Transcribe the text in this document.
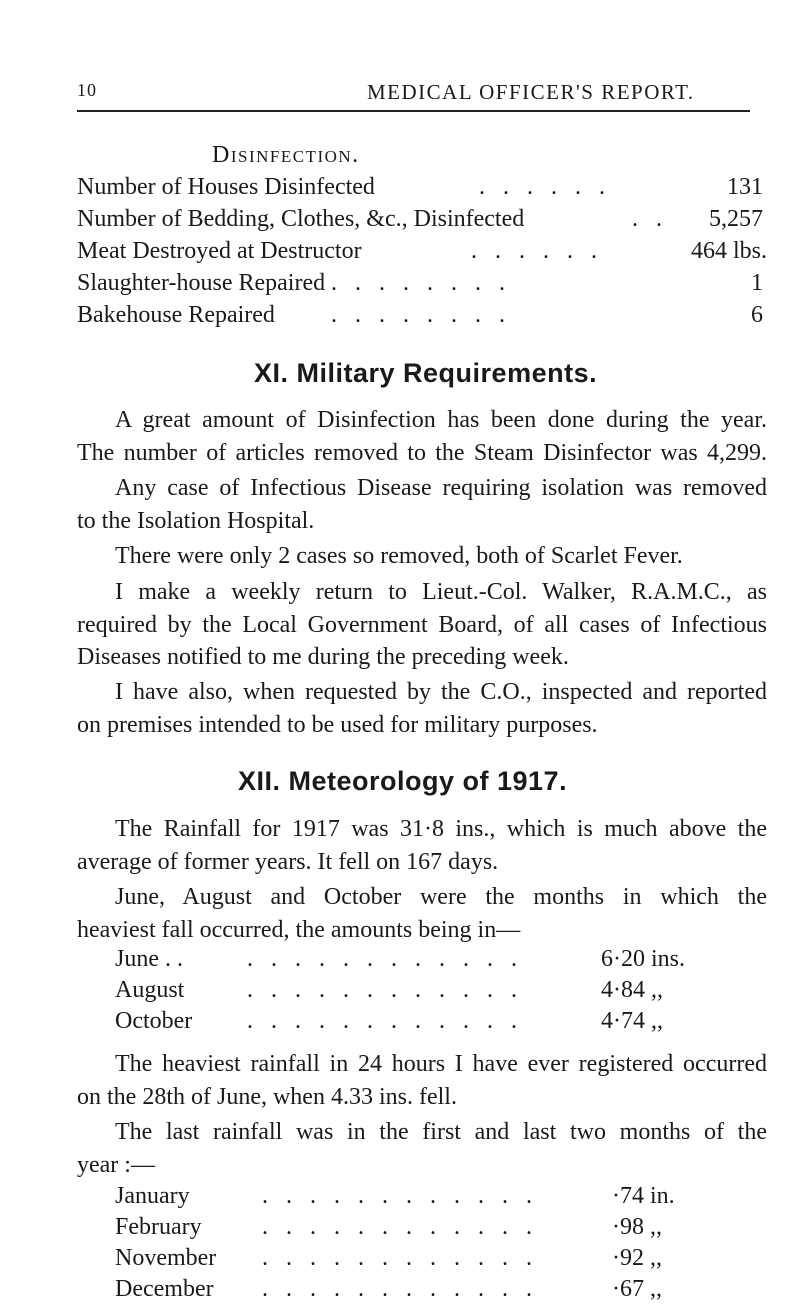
10	MEDICAL OFFICER'S REPORT.
Disinfection.
Number of Houses Disinfected	. . . . . .	131
Number of Bedding, Clothes, &c., Disinfected	. . 5,257
Meat Destroyed at Destructor	. . . . . .	464 lbs.
Slaughter-house Repaired . . . . . . . .	1
Bakehouse Repaired . . . . . . . .	6
XI. Military Requirements.
A great amount of Disinfection has been done during the year.
The number of articles removed to the Steam Disinfector was 4,299.
Any case of Infectious Disease requiring isolation was removed
to the Isolation Hospital.
There were only 2 cases so removed, both of Scarlet Fever.
I make a weekly return to Lieut.-Col. Walker, R.A.M.C., as
required by the Local Government Board, of all cases of Infectious
Diseases notified to me during the preceding week.
I have also, when requested by the C.O., inspected and reported
on premises intended to be used for military purposes.
XII. Meteorology of 1917.
The Rainfall for 1917 was 31·8 ins., which is much above the
average of former years. It fell on 167 days.
June, August and October were the months in which the
heaviest fall occurred, the amounts being in—
June . .	. . . . . . . . . . . .	6·20 ins.
August	. . . . . . . . . . . .	4·84 ,,
October . . . . . . . . . . . .	4·74 ,,
The heaviest rainfall in 24 hours I have ever registered occurred
on the 28th of June, when 4.33 ins. fell.
The last rainfall was in the first and last two months of the
year :—
January	. . . . . . . . . . . .	·74 in.
February	. . . . . . . . . . . .	·98 ,,
November . . . . . . . . . . . .	·92 ,,
December . . . . . . . . . . . .	·67 ,,
